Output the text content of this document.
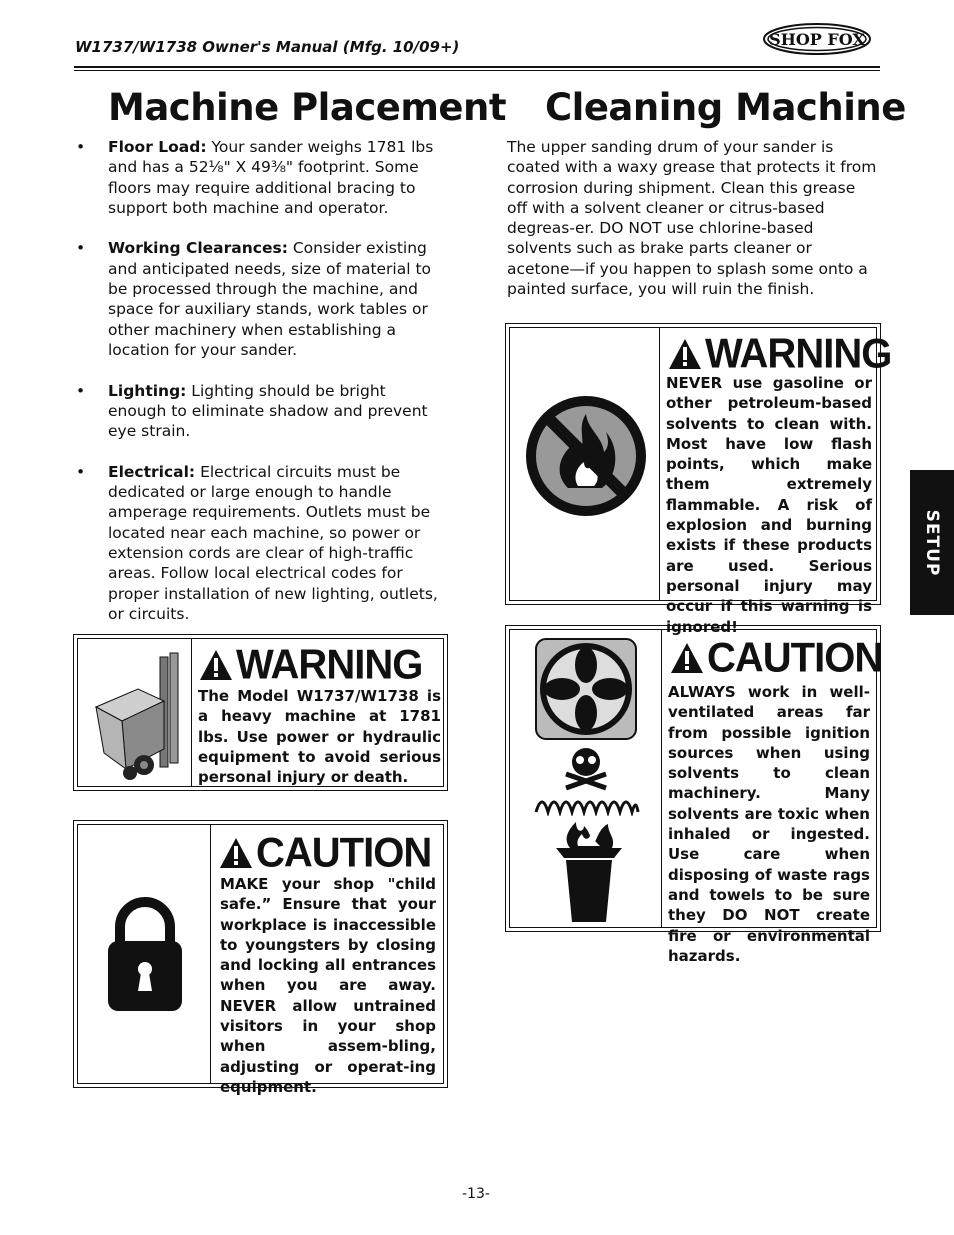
W1737/W1738 Owner's Manual (Mfg. 10/09+)	SHOP FOX
Machine Placement Cleaning Machine
• Floor Load: Your sander weighs 1781 lbs and has a 52¹⁄₈" X 49³⁄₈" footprint. Some floors may require additional bracing to support both machine and operator.
• Working Clearances: Consider existing and anticipated needs, size of material to be processed through the machine, and space for auxiliary stands, work tables or other machinery when establishing a location for your sander.
• Lighting: Lighting should be bright enough to eliminate shadow and prevent eye strain.
• Electrical: Electrical circuits must be dedicated or large enough to handle amperage requirements. Outlets must be located near each machine, so power or extension cords are clear of high-traffic areas. Follow local electrical codes for proper installation of new lighting, outlets, or circuits.

The upper sanding drum of your sander is coated with a waxy grease that protects it from corrosion during shipment. Clean this grease off with a solvent cleaner or citrus-based degreas-er. DO NOT use chlorine-based solvents such as brake parts cleaner or acetone—if you happen to splash some onto a painted surface, you will ruin the finish.

WARNING
The Model W1737/W1738 is a heavy machine at 1781 lbs. Use power or hydraulic equipment to avoid serious personal injury or death.
CAUTION
MAKE your shop "child safe.” Ensure that your workplace is inaccessible to youngsters by closing and locking all entrances when you are away. NEVER allow untrained visitors in your shop when assem-bling, adjusting or operat-ing equipment.
WARNING
NEVER use gasoline or other petroleum-based solvents to clean with. Most have low flash points, which make them extremely flammable. A risk of explosion and burning exists if these products are used. Serious personal injury may occur if this warning is ignored!
CAUTION
ALWAYS work in well-ventilated areas far from possible ignition sources when using solvents to clean machinery. Many solvents are toxic when inhaled or ingested. Use care when disposing of waste rags and towels to be sure they DO NOT create fire or environmental hazards.
SETUP
-13-
